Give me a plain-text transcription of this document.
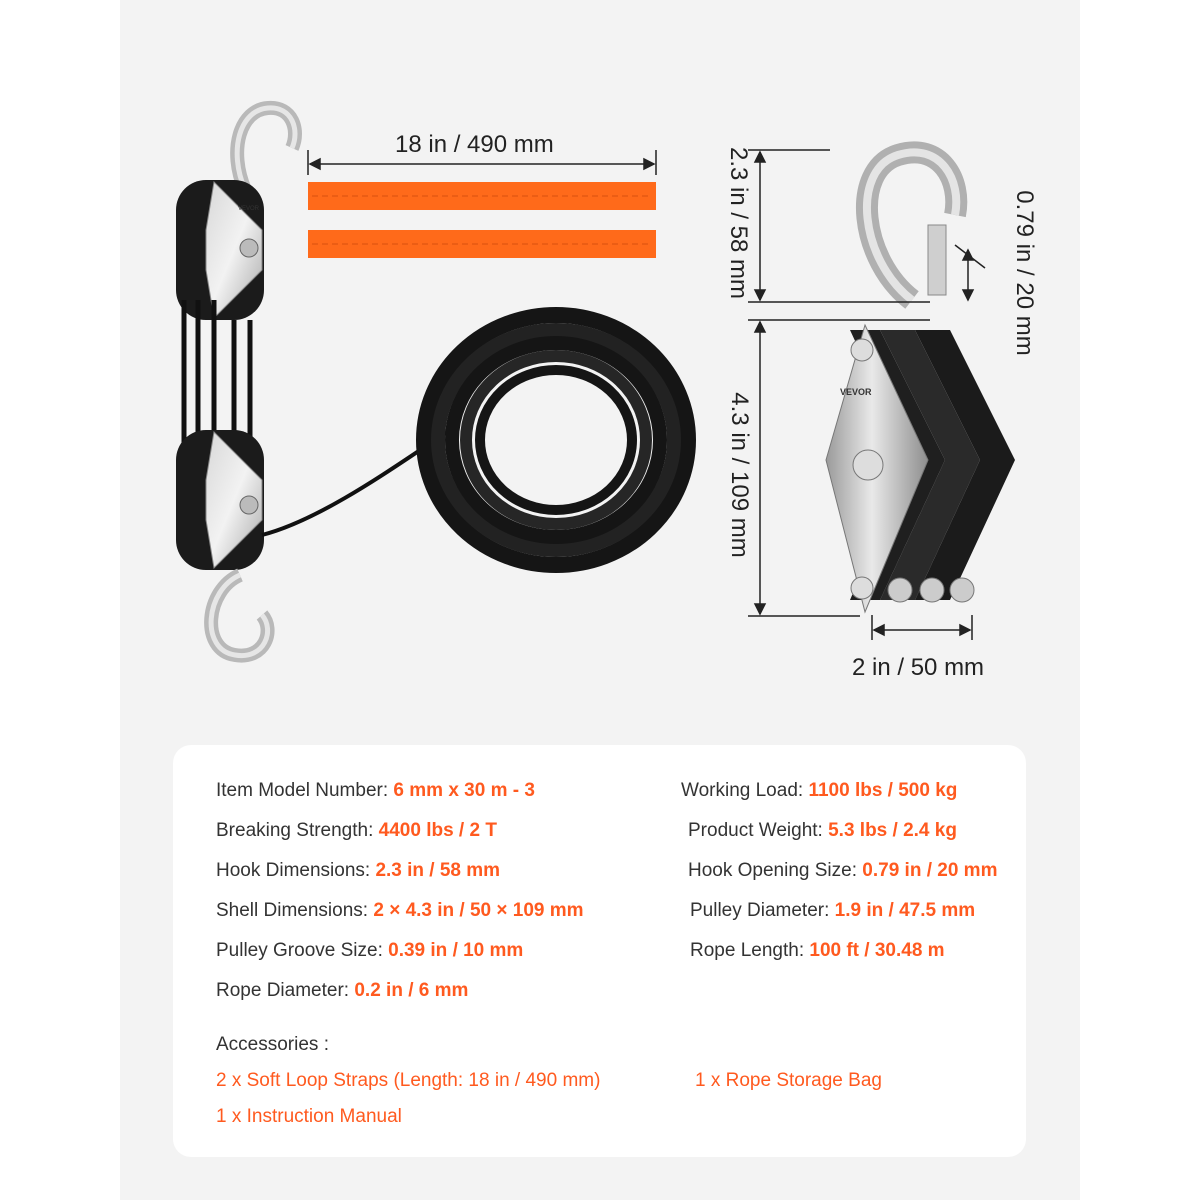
VEVOR
VEVOR
18 in / 490 mm
2.3 in / 58 mm	0.79 in / 20 mm
4.3 in / 109 mm
2 in / 50 mm
Item Model Number: 6 mm x 30 m - 3	Working Load: 1100 lbs / 500 kg
Breaking Strength: 4400 lbs / 2 T	Product Weight: 5.3 lbs / 2.4 kg
Hook Dimensions: 2.3 in / 58 mm	Hook Opening Size: 0.79 in / 20 mm
Shell Dimensions: 2 × 4.3 in / 50 × 109 mm	Pulley Diameter: 1.9 in / 47.5 mm
Pulley Groove Size: 0.39 in / 10 mm	Rope Length: 100 ft / 30.48 m
Rope Diameter: 0.2 in / 6 mm
Accessories :
2 x Soft Loop Straps (Length: 18 in / 490 mm)	1 x Rope Storage Bag
1 x Instruction Manual
